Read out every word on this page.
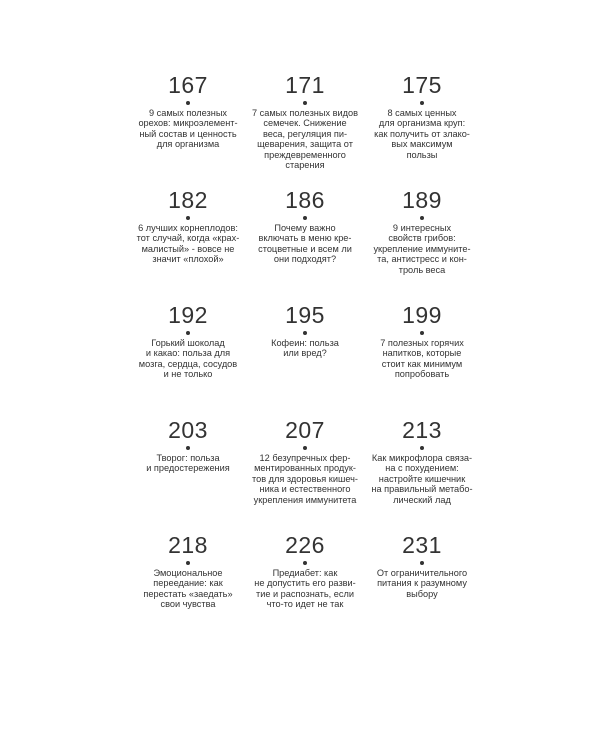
167
9 самых полезных
орехов: микроэлемент-
ный состав и ценность
для организма
171
7 самых полезных видов
семечек. Снижение
веса, регуляция пи-
щеварения, защита от
преждевременного
старения
175
8 самых ценных
для организма круп:
как получить от злако-
вых максимум
пользы
182
6 лучших корнеплодов:
тот случай, когда «крах-
малистый» - вовсе не
значит «плохой»
186
Почему важно
включать в меню кре-
стоцветные и всем ли
они подходят?
189
9 интересных
свойств грибов:
укрепление иммуните-
та, антистресс и кон-
троль веса
192
Горький шоколад
и какао: польза для
мозга, сердца, сосудов
и не только
195
Кофеин: польза
или вред?
199
7 полезных горячих
напитков, которые
стоит как минимум
попробовать
203
Творог: польза
и предостережения
207
12 безупречных фер-
ментированных продук-
тов для здоровья кишеч-
ника и естественного
укрепления иммунитета
213
Как микрофлора связа-
на с похудением:
настройте кишечник
на правильный метабо-
лический лад
218
Эмоциональное
переедание: как
перестать «заедать»
свои чувства
226
Предиабет: как
не допустить его разви-
тие и распознать, если
что-то идет не так
231
От ограничительного
питания к разумному
выбору
